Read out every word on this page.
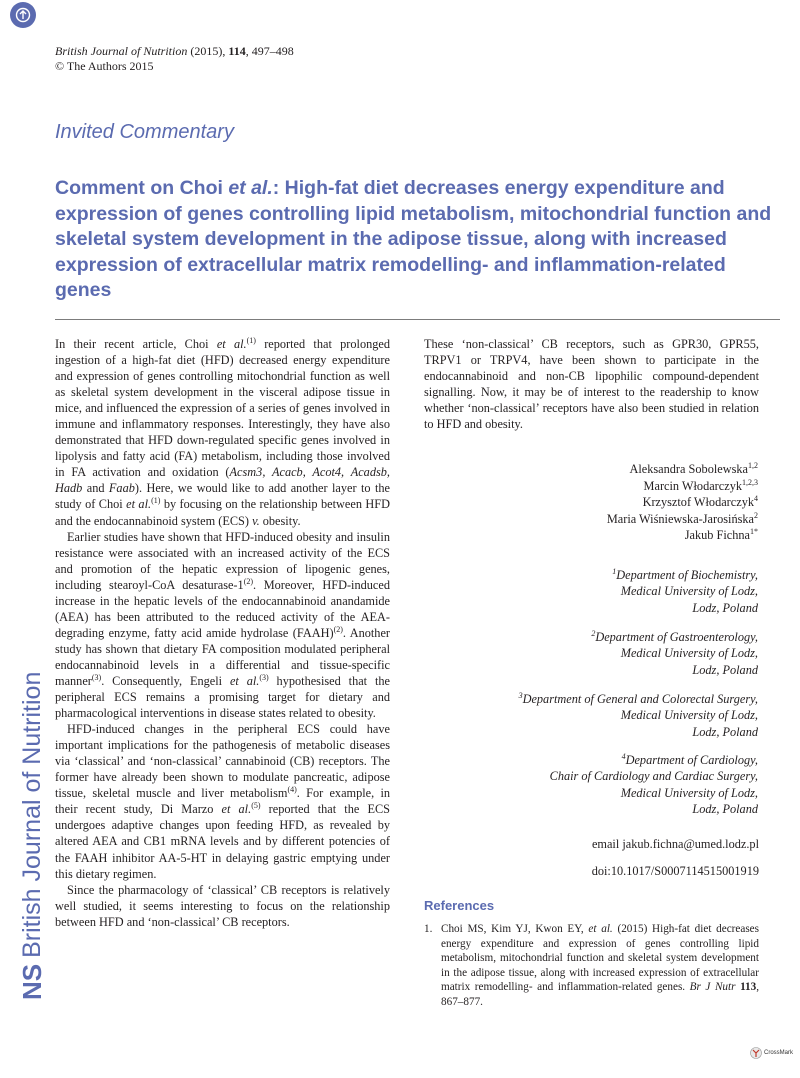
NS
British Journal of Nutrition
British Journal of Nutrition (2015), 114, 497–498
© The Authors 2015
Invited Commentary
Comment on Choi et al.: High-fat diet decreases energy expenditure and expression of genes controlling lipid metabolism, mitochondrial function and skeletal system development in the adipose tissue, along with increased expression of extracellular matrix remodelling- and inflammation-related genes

In their recent article, Choi et al.$^{(1)}$ reported that prolonged ingestion of a high-fat diet (HFD) decreased energy expenditure and expression of genes controlling mitochondrial function as well as skeletal system development in the visceral adipose tissue in mice, and influenced the expression of a series of genes involved in immune and inflammatory responses. Interestingly, they have also demonstrated that HFD down-regulated specific genes involved in lipolysis and fatty acid (FA) metabolism, including those involved in FA activation and oxidation (Acsm3, Acacb, Acot4, Acadsb, Hadb and Faab). Here, we would like to add another layer to the study of Choi et al.$^{(1)}$ by focusing on the relationship between HFD and the endocannabinoid system (ECS) v. obesity.

Earlier studies have shown that HFD-induced obesity and insulin resistance were associated with an increased activity of the ECS and promotion of the hepatic expression of lipogenic genes, including stearoyl-CoA desaturase-1$^{(2)}$. Moreover, HFD-induced increase in the hepatic levels of the endocannabinoid anandamide (AEA) has been attributed to the reduced activity of the AEA-degrading enzyme, fatty acid amide hydrolase (FAAH)$^{(2)}$. Another study has shown that dietary FA composition modulated peripheral endocannabinoid levels in a differential and tissue-specific manner$^{(3)}$. Consequently, Engeli et al.$^{(3)}$ hypothesised that the peripheral ECS remains a promising target for dietary and pharmacological interventions in disease states related to obesity.

HFD-induced changes in the peripheral ECS could have important implications for the pathogenesis of metabolic diseases via ‘classical’ and ‘non-classical’ cannabinoid (CB) receptors. The former have already been shown to modulate pancreatic, adipose tissue, skeletal muscle and liver metabolism$^{(4)}$. For example, in their recent study, Di Marzo et al.$^{(5)}$ reported that the ECS undergoes adaptive changes upon feeding HFD, as revealed by altered AEA and CB1 mRNA levels and by different potencies of the FAAH inhibitor AA-5-HT in delaying gastric emptying under this dietary regimen.

Since the pharmacology of ‘classical’ CB receptors is relatively well studied, it seems interesting to focus on the relationship between HFD and ‘non-classical’ CB receptors.

These ‘non-classical’ CB receptors, such as GPR30, GPR55, TRPV1 or TRPV4, have been shown to participate in the endocannabinoid and non-CB lipophilic compound-dependent signalling. Now, it may be of interest to the readership to know whether ‘non-classical’ receptors have also been studied in relation to HFD and obesity.

Aleksandra Sobolewska$^{1,2}$
Marcin Włodarczyk$^{1,2,3}$
Krzysztof Włodarczyk$^4$
Maria Wiśniewska-Jarosińska$^2$
Jakub Fichna$^{1*}$
$^1$Department of Biochemistry,
Medical University of Lodz,
Lodz, Poland
$^2$Department of Gastroenterology,
Medical University of Lodz,
Lodz, Poland
$^3$Department of General and Colorectal Surgery,
Medical University of Lodz,
Lodz, Poland
$^4$Department of Cardiology,
Chair of Cardiology and Cardiac Surgery,
Medical University of Lodz,
Lodz, Poland
email jakub.fichna@umed.lodz.pl
doi:10.1017/S0007114515001919
References
1. Choi MS, Kim YJ, Kwon EY, et al. (2015) High-fat diet decreases energy expenditure and expression of genes controlling lipid metabolism, mitochondrial function and skeletal system development in the adipose tissue, along with increased expression of extracellular matrix remodelling- and inflammation-related genes. Br J Nutr 113, 867–877.
CrossMark
